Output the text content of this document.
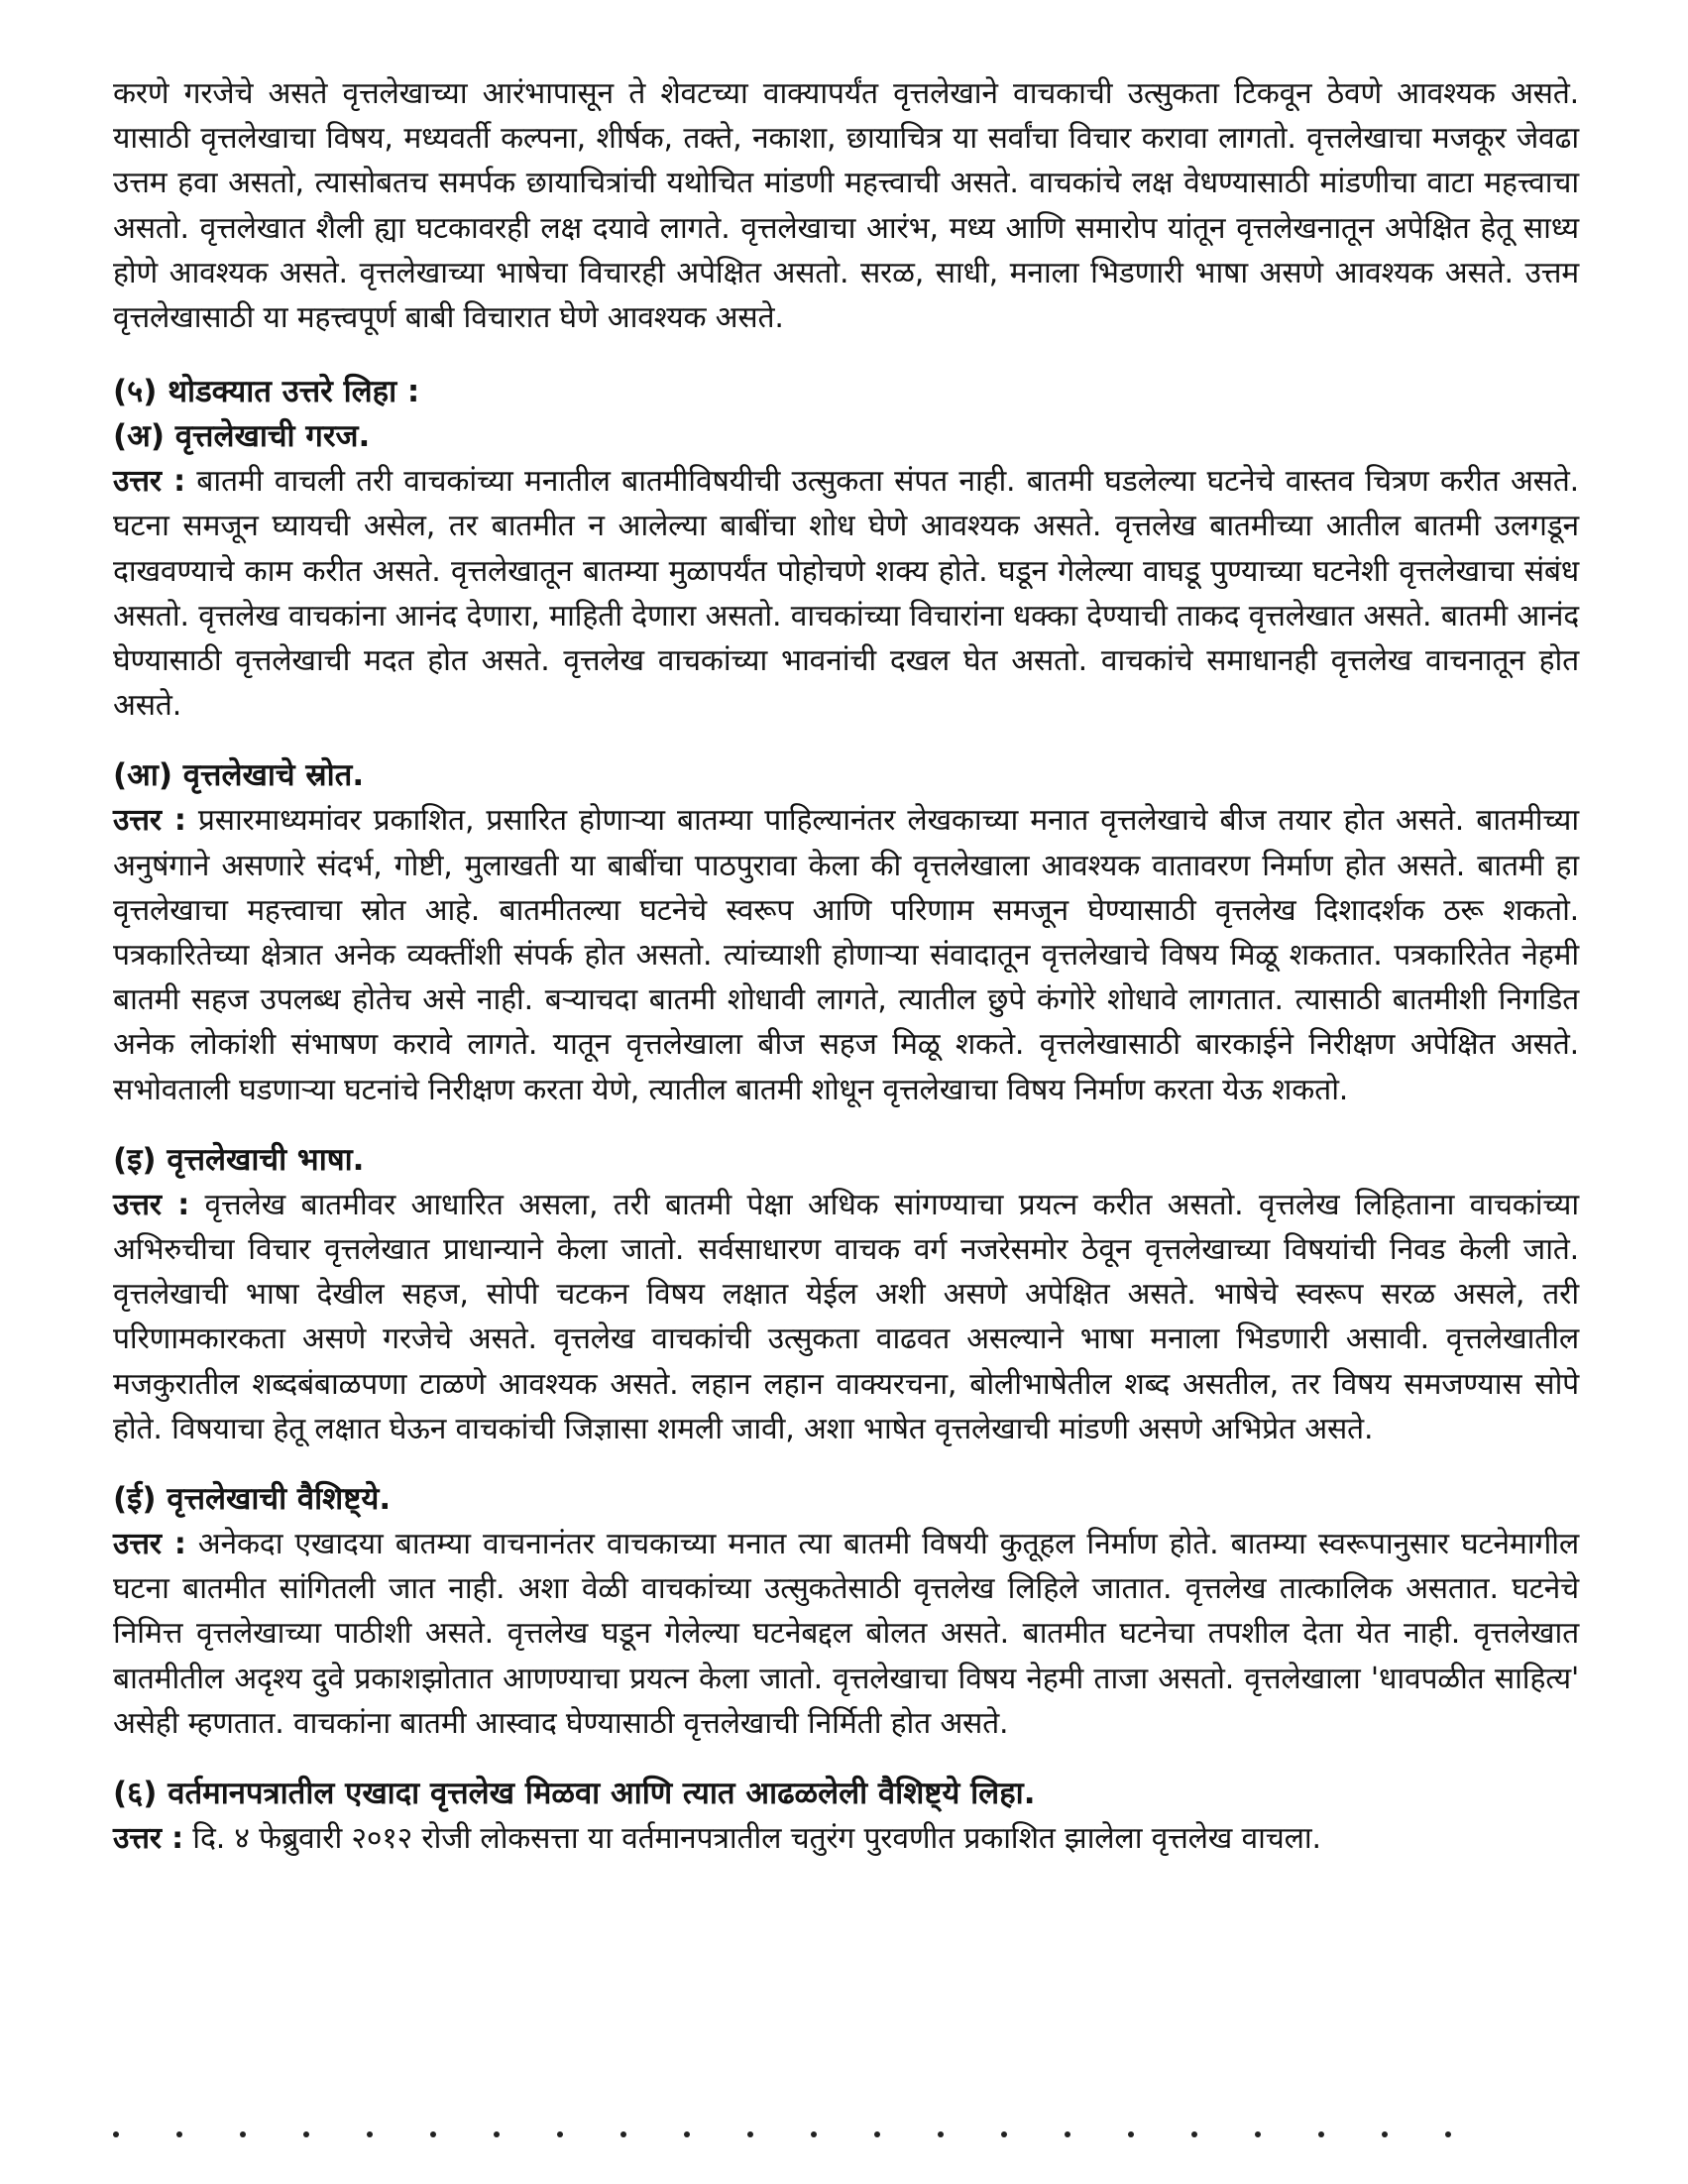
करणे गरजेचे असते वृत्तलेखाच्या आरंभापासून ते शेवटच्या वाक्यापर्यंत वृत्तलेखाने वाचकाची उत्सुकता टिकवून ठेवणे आवश्यक असते. यासाठी वृत्तलेखाचा विषय, मध्यवर्ती कल्पना, शीर्षक, तक्ते, नकाशा, छायाचित्र या सर्वांचा विचार करावा लागतो. वृत्तलेखाचा मजकूर जेवढा उत्तम हवा असतो, त्यासोबतच समर्पक छायाचित्रांची यथोचित मांडणी महत्त्वाची असते. वाचकांचे लक्ष वेधण्यासाठी मांडणीचा वाटा महत्त्वाचा असतो. वृत्तलेखात शैली ह्या घटकावरही लक्ष दयावे लागते. वृत्तलेखाचा आरंभ, मध्य आणि समारोप यांतून वृत्तलेखनातून अपेक्षित हेतू साध्य होणे आवश्यक असते. वृत्तलेखाच्या भाषेचा विचारही अपेक्षित असतो. सरळ, साधी, मनाला भिडणारी भाषा असणे आवश्यक असते. उत्तम वृत्तलेखासाठी या महत्त्वपूर्ण बाबी विचारात घेणे आवश्यक असते.

(५) थोडक्यात उत्तरे लिहा :

(अ) वृत्तलेखाची गरज.

उत्तर : बातमी वाचली तरी वाचकांच्या मनातील बातमीविषयीची उत्सुकता संपत नाही. बातमी घडलेल्या घटनेचे वास्तव चित्रण करीत असते. घटना समजून घ्यायची असेल, तर बातमीत न आलेल्या बाबींचा शोध घेणे आवश्यक असते. वृत्तलेख बातमीच्या आतील बातमी उलगडून दाखवण्याचे काम करीत असते. वृत्तलेखातून बातम्या मुळापर्यंत पोहोचणे शक्य होते. घडून गेलेल्या वाघडू पुण्याच्या घटनेशी वृत्तलेखाचा संबंध असतो. वृत्तलेख वाचकांना आनंद देणारा, माहिती देणारा असतो. वाचकांच्या विचारांना धक्का देण्याची ताकद वृत्तलेखात असते. बातमी आनंद घेण्यासाठी वृत्तलेखाची मदत होत असते. वृत्तलेख वाचकांच्या भावनांची दखल घेत असतो. वाचकांचे समाधानही वृत्तलेख वाचनातून होत असते.

(आ) वृत्तलेखाचे स्रोत.

उत्तर : प्रसारमाध्यमांवर प्रकाशित, प्रसारित होणाऱ्या बातम्या पाहिल्यानंतर लेखकाच्या मनात वृत्तलेखाचे बीज तयार होत असते. बातमीच्या अनुषंगाने असणारे संदर्भ, गोष्टी, मुलाखती या बाबींचा पाठपुरावा केला की वृत्तलेखाला आवश्यक वातावरण निर्माण होत असते. बातमी हा वृत्तलेखाचा महत्त्वाचा स्रोत आहे. बातमीतल्या घटनेचे स्वरूप आणि परिणाम समजून घेण्यासाठी वृत्तलेख दिशादर्शक ठरू शकतो. पत्रकारितेच्या क्षेत्रात अनेक व्यक्तींशी संपर्क होत असतो. त्यांच्याशी होणाऱ्या संवादातून वृत्तलेखाचे विषय मिळू शकतात. पत्रकारितेत नेहमी बातमी सहज उपलब्ध होतेच असे नाही. बऱ्याचदा बातमी शोधावी लागते, त्यातील छुपे कंगोरे शोधावे लागतात. त्यासाठी बातमीशी निगडित अनेक लोकांशी संभाषण करावे लागते. यातून वृत्तलेखाला बीज सहज मिळू शकते. वृत्तलेखासाठी बारकाईने निरीक्षण अपेक्षित असते. सभोवताली घडणाऱ्या घटनांचे निरीक्षण करता येणे, त्यातील बातमी शोधून वृत्तलेखाचा विषय निर्माण करता येऊ शकतो.

(इ) वृत्तलेखाची भाषा.

उत्तर : वृत्तलेख बातमीवर आधारित असला, तरी बातमी पेक्षा अधिक सांगण्याचा प्रयत्न करीत असतो. वृत्तलेख लिहिताना वाचकांच्या अभिरुचीचा विचार वृत्तलेखात प्राधान्याने केला जातो. सर्वसाधारण वाचक वर्ग नजरेसमोर ठेवून वृत्तलेखाच्या विषयांची निवड केली जाते. वृत्तलेखाची भाषा देखील सहज, सोपी चटकन विषय लक्षात येईल अशी असणे अपेक्षित असते. भाषेचे स्वरूप सरळ असले, तरी परिणामकारकता असणे गरजेचे असते. वृत्तलेख वाचकांची उत्सुकता वाढवत असल्याने भाषा मनाला भिडणारी असावी. वृत्तलेखातील मजकुरातील शब्दबंबाळपणा टाळणे आवश्यक असते. लहान लहान वाक्यरचना, बोलीभाषेतील शब्द असतील, तर विषय समजण्यास सोपे होते. विषयाचा हेतू लक्षात घेऊन वाचकांची जिज्ञासा शमली जावी, अशा भाषेत वृत्तलेखाची मांडणी असणे अभिप्रेत असते.

(ई) वृत्तलेखाची वैशिष्ट्ये.

उत्तर : अनेकदा एखादया बातम्या वाचनानंतर वाचकाच्या मनात त्या बातमी विषयी कुतूहल निर्माण होते. बातम्या स्वरूपानुसार घटनेमागील घटना बातमीत सांगितली जात नाही. अशा वेळी वाचकांच्या उत्सुकतेसाठी वृत्तलेख लिहिले जातात. वृत्तलेख तात्कालिक असतात. घटनेचे निमित्त वृत्तलेखाच्या पाठीशी असते. वृत्तलेख घडून गेलेल्या घटनेबद्दल बोलत असते. बातमीत घटनेचा तपशील देता येत नाही. वृत्तलेखात बातमीतील अदृश्य दुवे प्रकाशझोतात आणण्याचा प्रयत्न केला जातो. वृत्तलेखाचा विषय नेहमी ताजा असतो. वृत्तलेखाला 'धावपळीत साहित्य' असेही म्हणतात. वाचकांना बातमी आस्वाद घेण्यासाठी वृत्तलेखाची निर्मिती होत असते.

(६) वर्तमानपत्रातील एखादा वृत्तलेख मिळवा आणि त्यात आढळलेली वैशिष्ट्ये लिहा.

उत्तर : दि. ४ फेब्रुवारी २०१२ रोजी लोकसत्ता या वर्तमानपत्रातील चतुरंग पुरवणीत प्रकाशित झालेला वृत्तलेख वाचला.
